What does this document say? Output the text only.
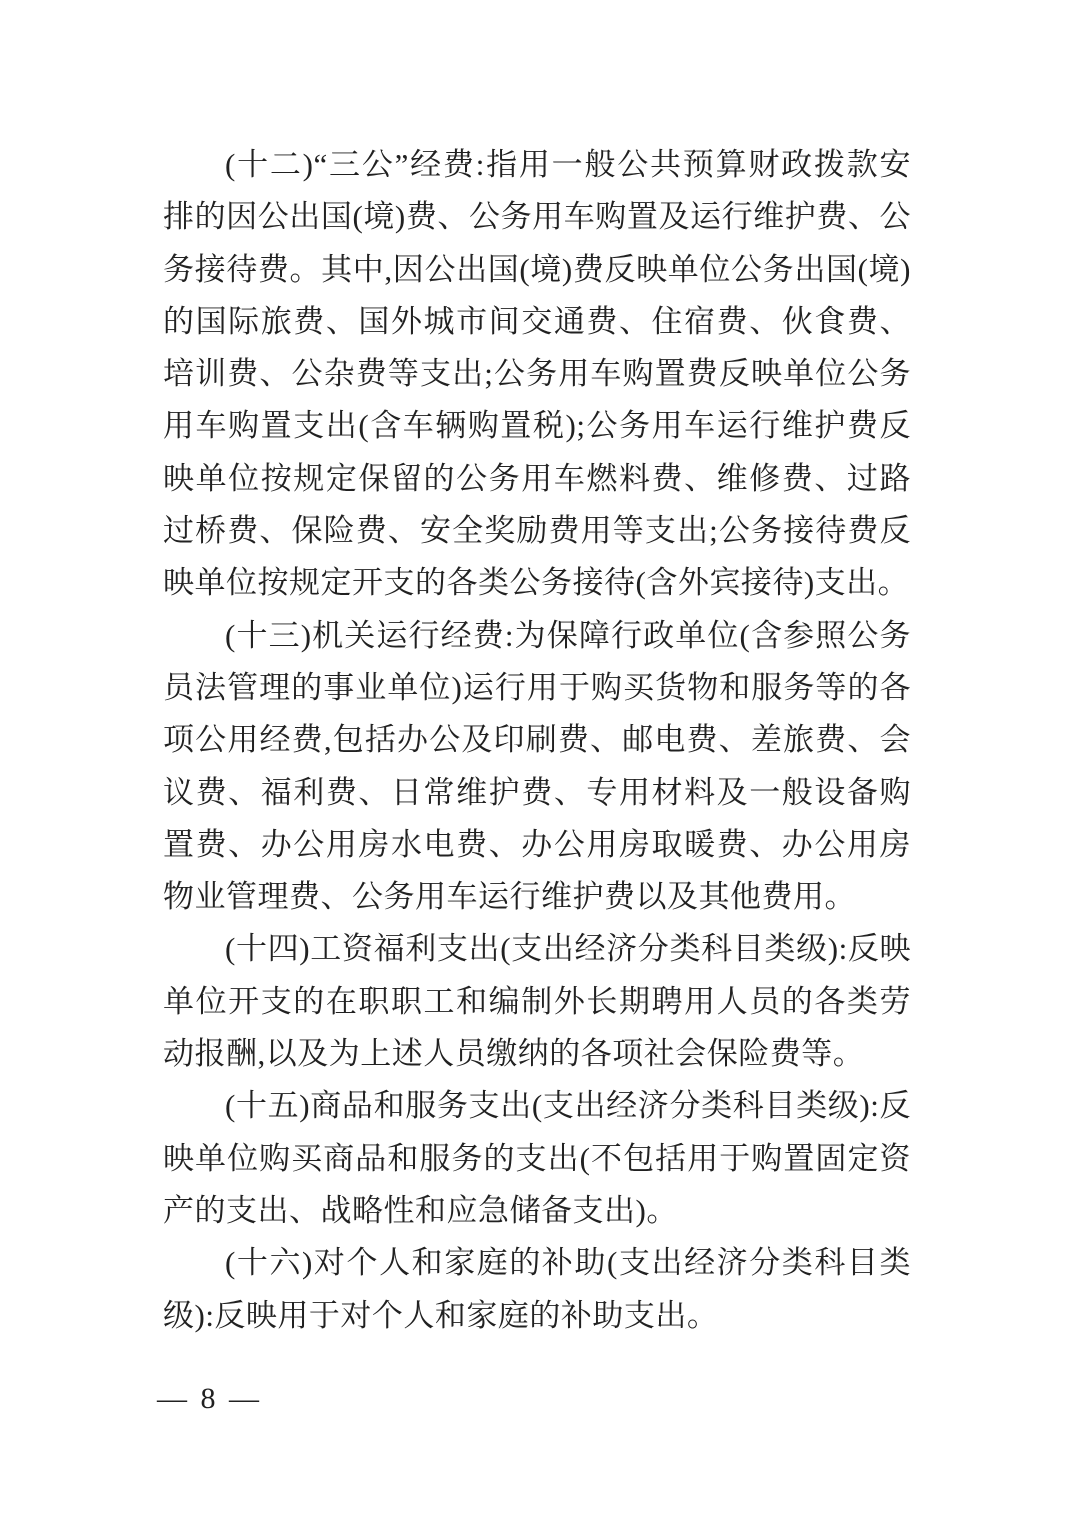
(十二)“三公”经费:指用一般公共预算财政拨款安排的因公出国(境)费、公务用车购置及运行维护费、公务接待费。其中,因公出国(境)费反映单位公务出国(境)的国际旅费、国外城市间交通费、住宿费、伙食费、培训费、公杂费等支出;公务用车购置费反映单位公务用车购置支出(含车辆购置税);公务用车运行维护费反映单位按规定保留的公务用车燃料费、维修费、过路过桥费、保险费、安全奖励费用等支出;公务接待费反映单位按规定开支的各类公务接待(含外宾接待)支出。

(十三)机关运行经费:为保障行政单位(含参照公务员法管理的事业单位)运行用于购买货物和服务等的各项公用经费,包括办公及印刷费、邮电费、差旅费、会议费、福利费、日常维护费、专用材料及一般设备购置费、办公用房水电费、办公用房取暖费、办公用房物业管理费、公务用车运行维护费以及其他费用。

(十四)工资福利支出(支出经济分类科目类级):反映单位开支的在职职工和编制外长期聘用人员的各类劳动报酬,以及为上述人员缴纳的各项社会保险费等。

(十五)商品和服务支出(支出经济分类科目类级):反映单位购买商品和服务的支出(不包括用于购置固定资产的支出、战略性和应急储备支出)。

(十六)对个人和家庭的补助(支出经济分类科目类级):反映用于对个人和家庭的补助支出。

— 8 —
